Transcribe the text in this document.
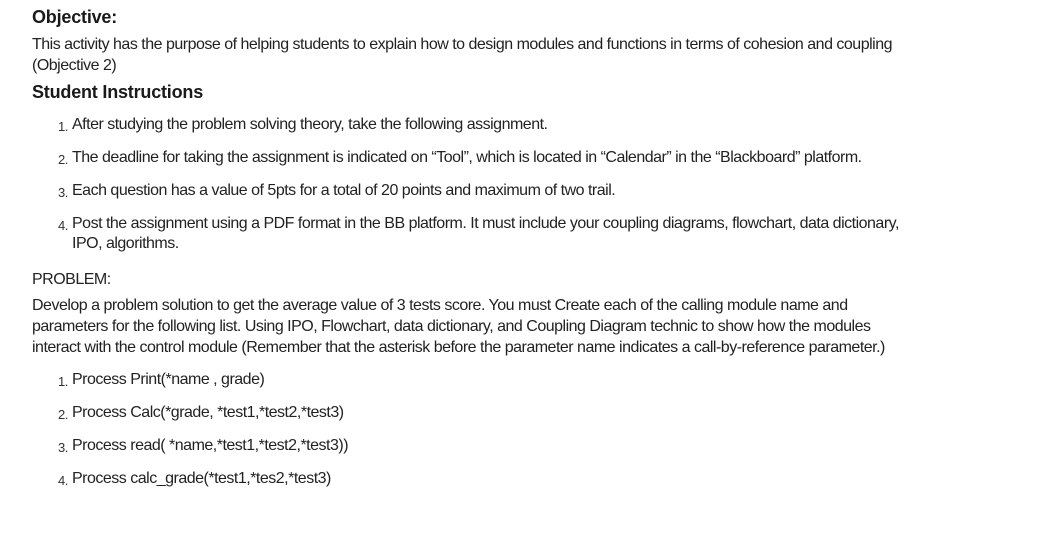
Objective:

This activity has the purpose of helping students to explain how to design modules and functions in terms of cohesion and coupling (Objective 2)

Student Instructions
1. After studying the problem solving theory, take the following assignment.
2. The deadline for taking the assignment is indicated on “Tool”, which is located in “Calendar” in the “Blackboard” platform.
3. Each question has a value of 5pts for a total of 20 points and maximum of two trail.
4. Post the assignment using a PDF format in the BB platform. It must include your coupling diagrams, flowchart, data dictionary, IPO, algorithms.
PROBLEM:

Develop a problem solution to get the average value of 3 tests score. You must Create each of the calling module name and parameters for the following list. Using IPO, Flowchart, data dictionary, and Coupling Diagram technic to show how the modules interact with the control module (Remember that the asterisk before the parameter name indicates a call-by-reference parameter.)

1. Process Print(*name , grade)
2. Process Calc(*grade, *test1,*test2,*test3)
3. Process read( *name,*test1,*test2,*test3))
4. Process calc_grade(*test1,*tes2,*test3)
